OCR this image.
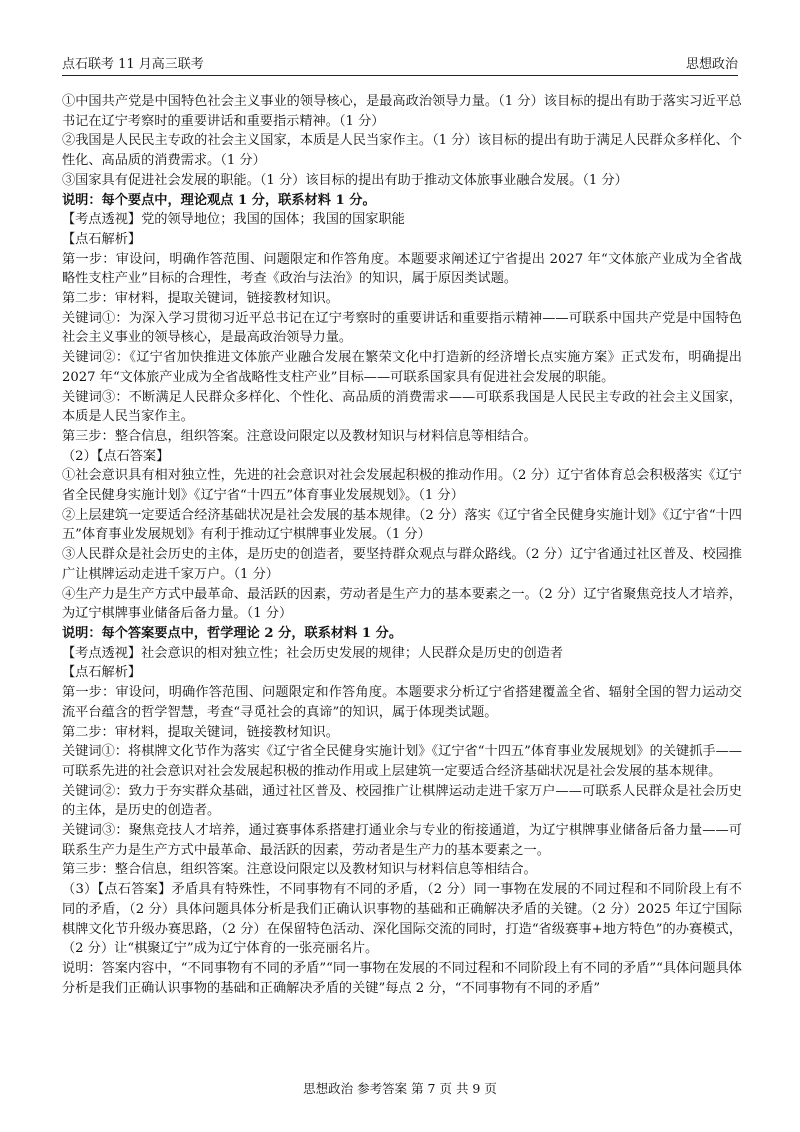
点石联考 11 月高三联考	思想政治

①中国共产党是中国特色社会主义事业的领导核心，是最高政治领导力量。（1 分）该目标的提出有助于落实习近平总书记在辽宁考察时的重要讲话和重要指示精神。（1 分）

②我国是人民民主专政的社会主义国家，本质是人民当家作主。（1 分）该目标的提出有助于满足人民群众多样化、个性化、高品质的消费需求。（1 分）

③国家具有促进社会发展的职能。（1 分）该目标的提出有助于推动文体旅事业融合发展。（1 分）

说明：每个要点中，理论观点 1 分，联系材料 1 分。

【考点透视】党的领导地位；我国的国体；我国的国家职能

【点石解析】

第一步：审设问，明确作答范围、问题限定和作答角度。本题要求阐述辽宁省提出 2027 年“文体旅产业成为全省战略性支柱产业”目标的合理性，考查《政治与法治》的知识，属于原因类试题。

第二步：审材料，提取关键词，链接教材知识。

关键词①：为深入学习贯彻习近平总书记在辽宁考察时的重要讲话和重要指示精神——可联系中国共产党是中国特色社会主义事业的领导核心，是最高政治领导力量。

关键词②：《辽宁省加快推进文体旅产业融合发展在繁荣文化中打造新的经济增长点实施方案》正式发布，明确提出 2027 年“文体旅产业成为全省战略性支柱产业”目标——可联系国家具有促进社会发展的职能。

关键词③：不断满足人民群众多样化、个性化、高品质的消费需求——可联系我国是人民民主专政的社会主义国家，本质是人民当家作主。

第三步：整合信息，组织答案。注意设问限定以及教材知识与材料信息等相结合。

（2）【点石答案】

①社会意识具有相对独立性，先进的社会意识对社会发展起积极的推动作用。（2 分）辽宁省体育总会积极落实《辽宁省全民健身实施计划》《辽宁省“十四五”体育事业发展规划》。（1 分）

②上层建筑一定要适合经济基础状况是社会发展的基本规律。（2 分）落实《辽宁省全民健身实施计划》《辽宁省“十四五”体育事业发展规划》有利于推动辽宁棋牌事业发展。（1 分）

③人民群众是社会历史的主体，是历史的创造者，要坚持群众观点与群众路线。（2 分）辽宁省通过社区普及、校园推广让棋牌运动走进千家万户。（1 分）

④生产力是生产方式中最革命、最活跃的因素，劳动者是生产力的基本要素之一。（2 分）辽宁省聚焦竞技人才培养，为辽宁棋牌事业储备后备力量。（1 分）

说明：每个答案要点中，哲学理论 2 分，联系材料 1 分。

【考点透视】社会意识的相对独立性；社会历史发展的规律；人民群众是历史的创造者

【点石解析】

第一步：审设问，明确作答范围、问题限定和作答角度。本题要求分析辽宁省搭建覆盖全省、辐射全国的智力运动交流平台蕴含的哲学智慧，考查“寻觅社会的真谛”的知识，属于体现类试题。

第二步：审材料，提取关键词，链接教材知识。

关键词①：将棋牌文化节作为落实《辽宁省全民健身实施计划》《辽宁省“十四五”体育事业发展规划》的关键抓手——可联系先进的社会意识对社会发展起积极的推动作用或上层建筑一定要适合经济基础状况是社会发展的基本规律。

关键词②：致力于夯实群众基础，通过社区普及、校园推广让棋牌运动走进千家万户——可联系人民群众是社会历史的主体，是历史的创造者。

关键词③：聚焦竞技人才培养，通过赛事体系搭建打通业余与专业的衔接通道，为辽宁棋牌事业储备后备力量——可联系生产力是生产方式中最革命、最活跃的因素，劳动者是生产力的基本要素之一。

第三步：整合信息，组织答案。注意设问限定以及教材知识与材料信息等相结合。

（3）【点石答案】矛盾具有特殊性，不同事物有不同的矛盾，（2 分）同一事物在发展的不同过程和不同阶段上有不同的矛盾，（2 分）具体问题具体分析是我们正确认识事物的基础和正确解决矛盾的关键。（2 分）2025 年辽宁国际棋牌文化节升级办赛思路，（2 分）在保留特色活动、深化国际交流的同时，打造“省级赛事+地方特色”的办赛模式，（2 分）让“棋聚辽宁”成为辽宁体育的一张亮丽名片。

说明：答案内容中，“不同事物有不同的矛盾”“同一事物在发展的不同过程和不同阶段上有不同的矛盾”“具体问题具体分析是我们正确认识事物的基础和正确解决矛盾的关键”每点 2 分，“不同事物有不同的矛盾”

思想政治 参考答案 第 7 页 共 9 页
